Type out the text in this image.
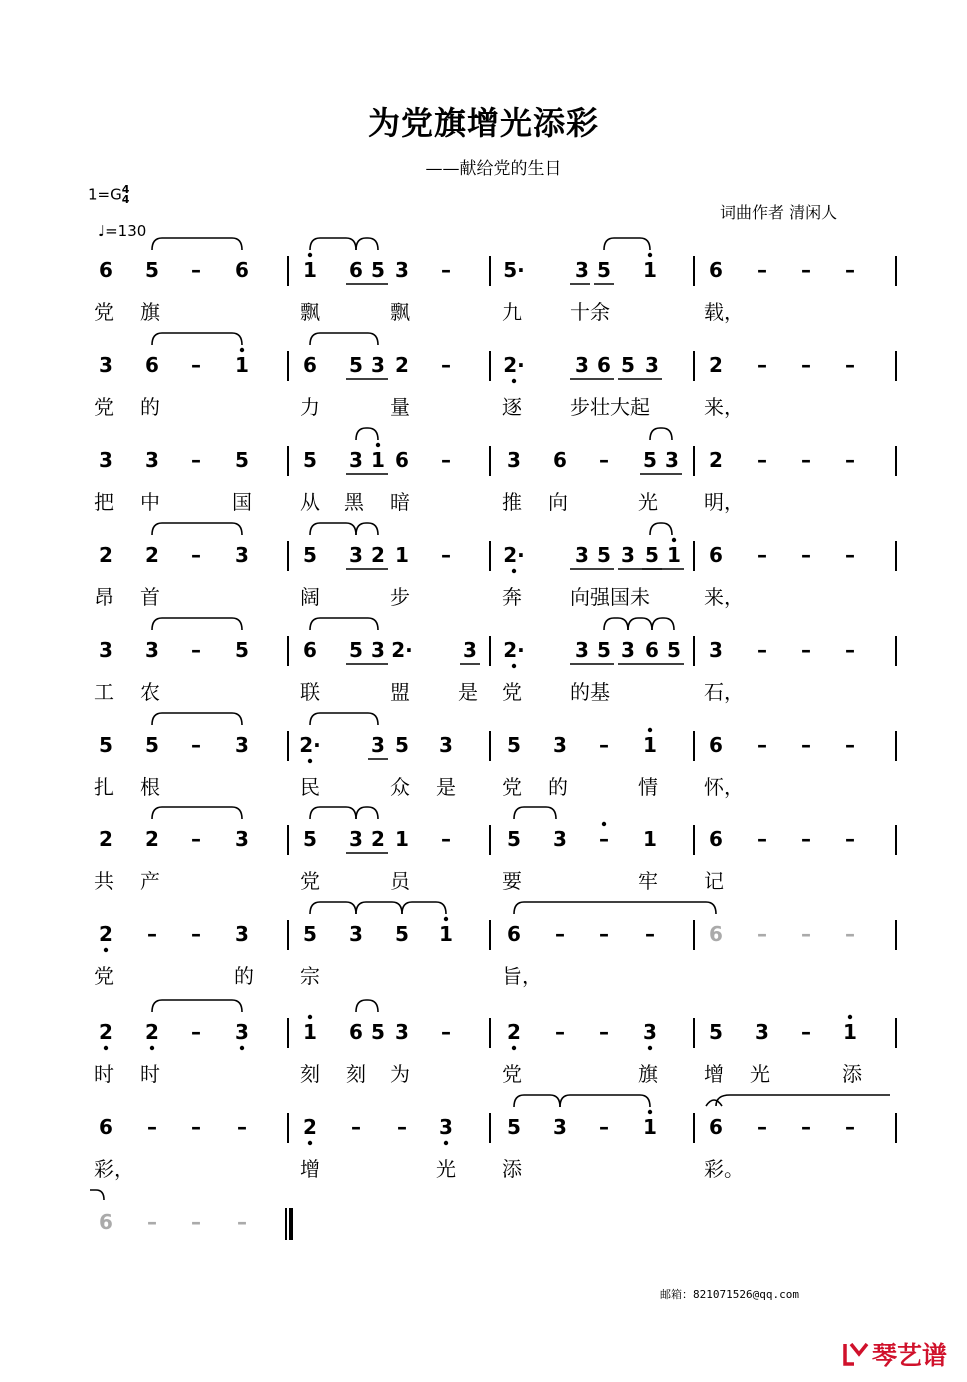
为党旗增光添彩
——献给党的生日
1=G4
4
♩=130
词曲作者 清闲人
6 5	–	6	1 6 5 3	–	5·	3 5 1	6	–	–	–
党 旗	飘	飘	九 十余	载，
3 6	–	1	6 5 3 2	–	2·	3 6 5 3	2	–	–	–
党 的	力	量	逐 步壮大起	来，
3 3	–	5	5 3 1 6	–	3 6	–	5 3 2	–	–	–
把 中	国 从 黑 暗	推 向	光 明，
2 2	–	3	5 3 2 1	–	2·	3 5 3 5 1 6	–	–	–
昂 首	阔	步	奔 向强国未	来，
3 3	–	5	6 5 3 2·	3 2·	3 5 3 6 5 3	–	–	–
工 农	联	盟 是 党 的基	石，
5 5	–	3	2·	3 5 3	5 3	–	1	6	–	–	–
扎 根	民	众 是 党 的	情 怀，
2 2	–	3	5 3 2 1	–	5 3	–	1	6	–	–	–
共 产	党	员	要	牢 记
2	–	–	3	5 3 5 1	6	–	–	–	6	–	–	–
党	的 宗	旨，
2 2	–	3	1 6 5 3	–	2	–	–	3	5 3	–	1
时 时	刻 刻 为	党	旗 增 光	添
6	–	–	–	2	–	–	3	5 3	–	1	6	–	–	–
彩，	增	光 添	彩。
6	–	–	–
邮箱：821071526@qq.com
琴艺谱
